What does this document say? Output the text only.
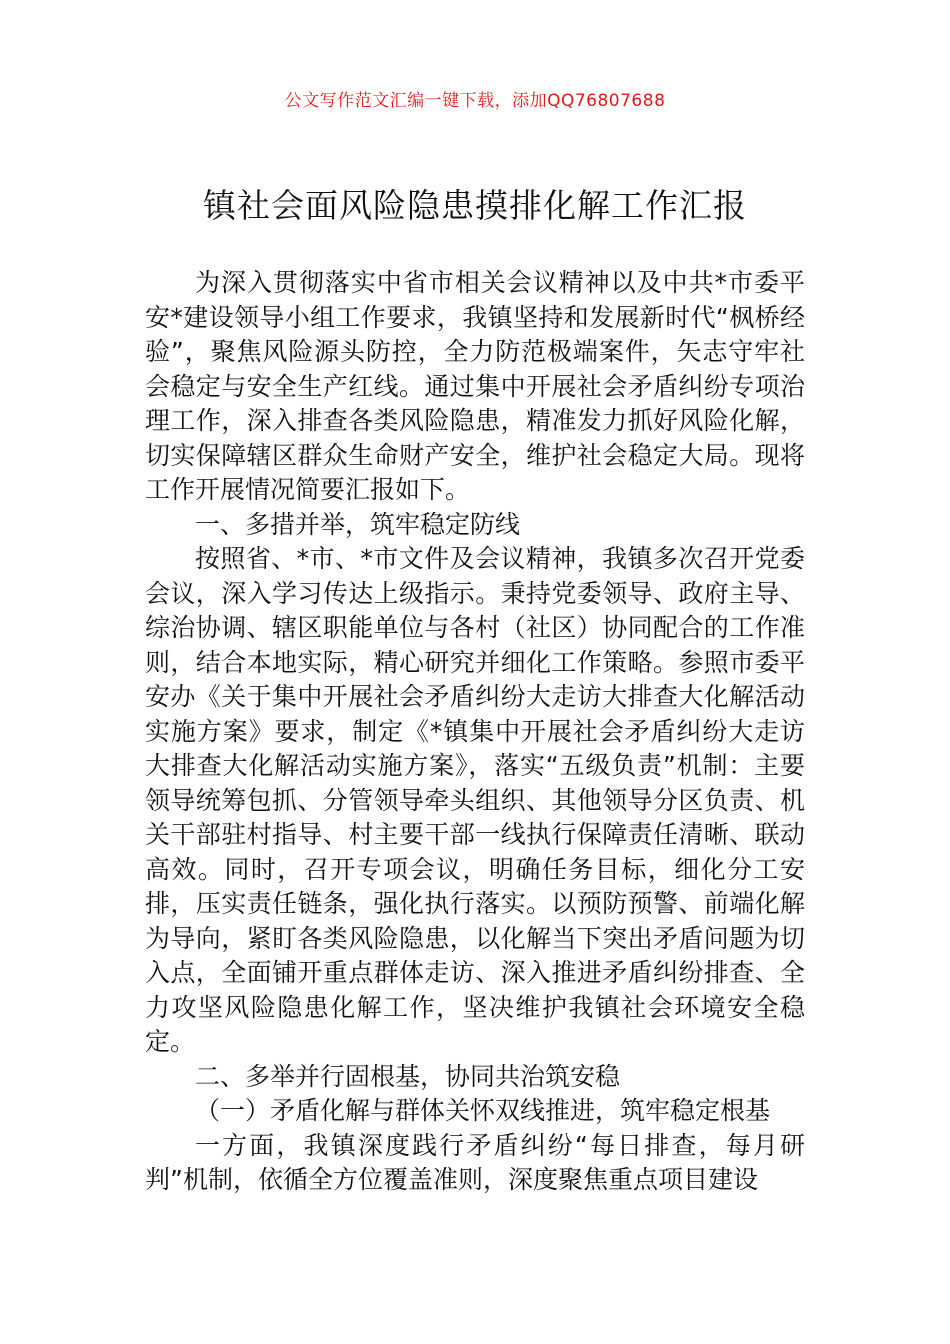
公文写作范文汇编一键下载，添加QQ76807688
镇社会面风险隐患摸排化解工作汇报

为深入贯彻落实中省市相关会议精神以及中共*市委平安*建设领导小组工作要求，我镇坚持和发展新时代“枫桥经验”，聚焦风险源头防控，全力防范极端案件，矢志守牢社会稳定与安全生产红线。通过集中开展社会矛盾纠纷专项治理工作，深入排查各类风险隐患，精准发力抓好风险化解，切实保障辖区群众生命财产安全，维护社会稳定大局。现将工作开展情况简要汇报如下。

一、多措并举，筑牢稳定防线

按照省、*市、*市文件及会议精神，我镇多次召开党委会议，深入学习传达上级指示。秉持党委领导、政府主导、综治协调、辖区职能单位与各村（社区）协同配合的工作准则，结合本地实际，精心研究并细化工作策略。参照市委平安办《关于集中开展社会矛盾纠纷大走访大排查大化解活动实施方案》要求，制定《*镇集中开展社会矛盾纠纷大走访大排查大化解活动实施方案》，落实“五级负责”机制：主要领导统筹包抓、分管领导牵头组织、其他领导分区负责、机关干部驻村指导、村主要干部一线执行保障责任清晰、联动高效。同时，召开专项会议，明确任务目标，细化分工安排，压实责任链条，强化执行落实。以预防预警、前端化解为导向，紧盯各类风险隐患，以化解当下突出矛盾问题为切入点，全面铺开重点群体走访、深入推进矛盾纠纷排查、全力攻坚风险隐患化解工作，坚决维护我镇社会环境安全稳定。

二、多举并行固根基，协同共治筑安稳

（一）矛盾化解与群体关怀双线推进，筑牢稳定根基

一方面，我镇深度践行矛盾纠纷“每日排查，每月研判”机制，依循全方位覆盖准则，深度聚焦重点项目建设
